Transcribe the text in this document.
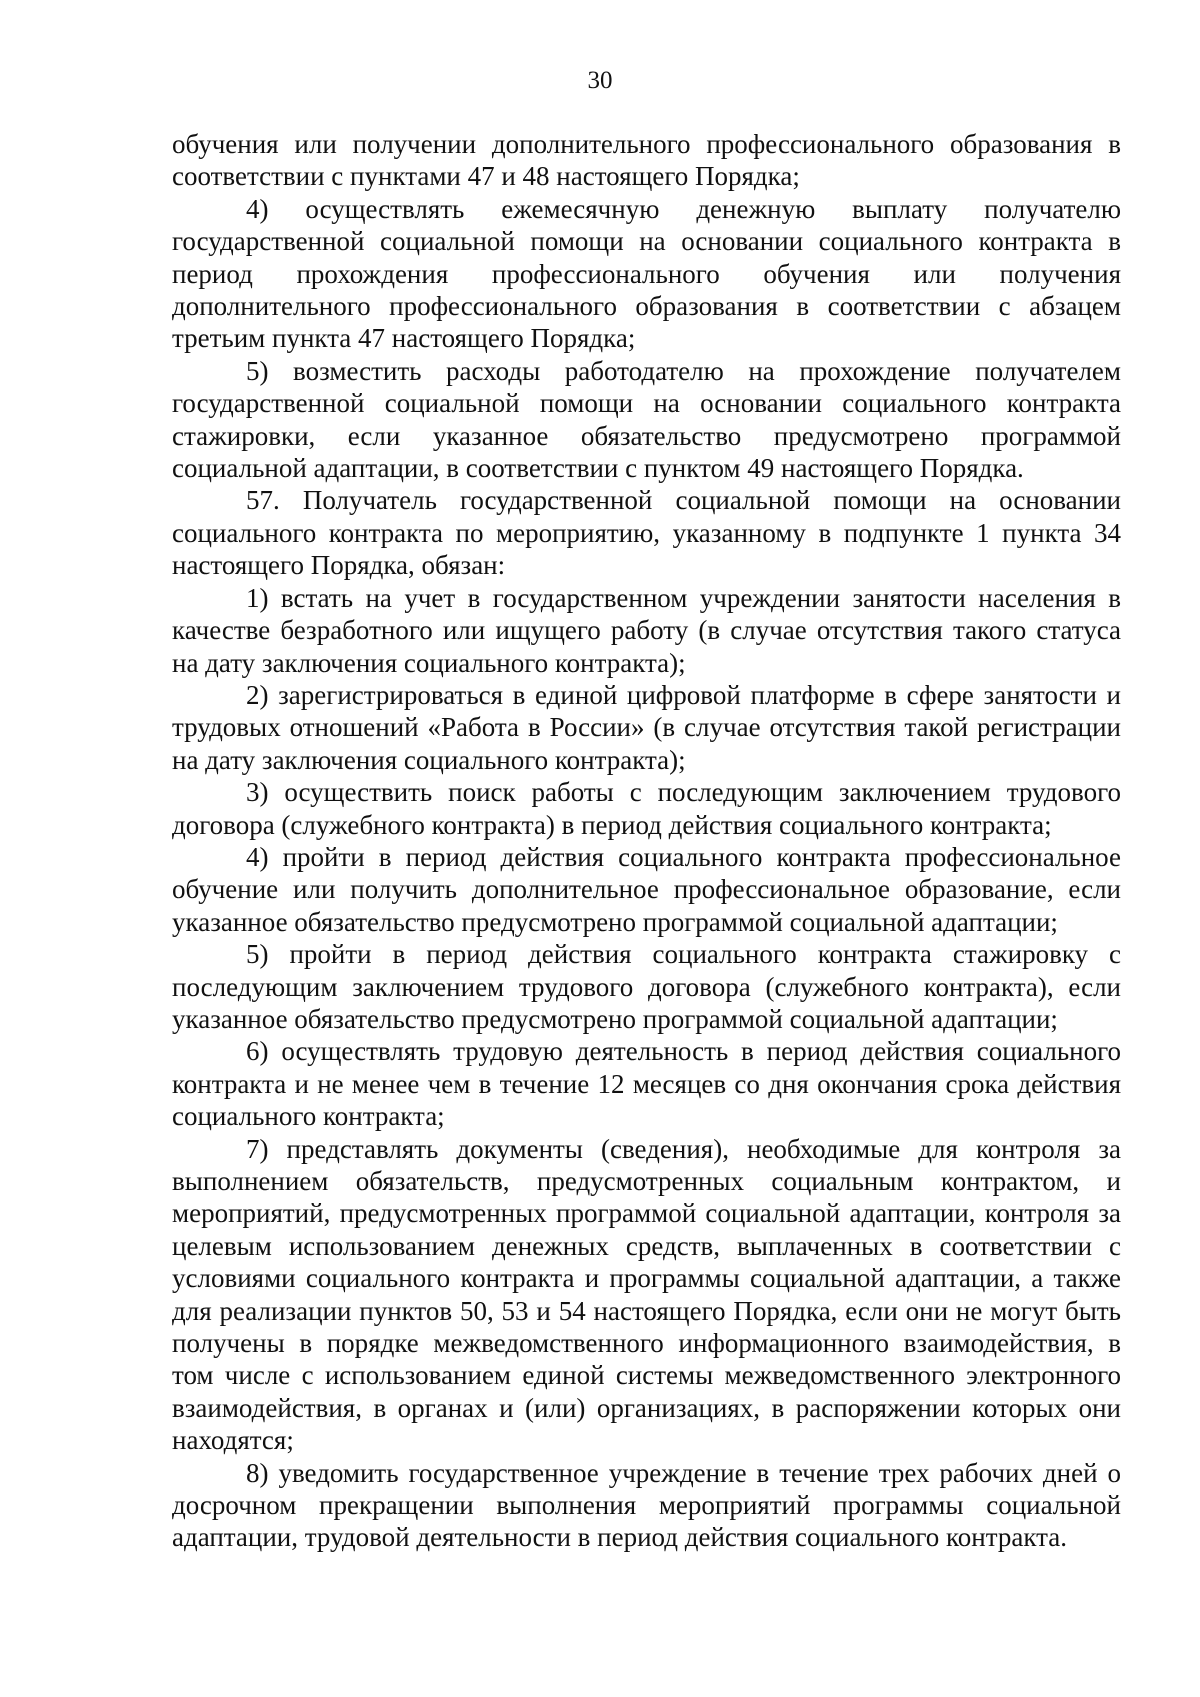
30

обучения или получении дополнительного профессионального образования в соответствии с пунктами 47 и 48 настоящего Порядка;

4) осуществлять ежемесячную денежную выплату получателю государственной социальной помощи на основании социального контракта в период прохождения профессионального обучения или получения дополнительного профессионального образования в соответствии с абзацем третьим пункта 47 настоящего Порядка;

5) возместить расходы работодателю на прохождение получателем государственной социальной помощи на основании социального контракта стажировки, если указанное обязательство предусмотрено программой социальной адаптации, в соответствии с пунктом 49 настоящего Порядка.

57. Получатель государственной социальной помощи на основании социального контракта по мероприятию, указанному в подпункте 1 пункта 34 настоящего Порядка, обязан:

1) встать на учет в государственном учреждении занятости населения в качестве безработного или ищущего работу (в случае отсутствия такого статуса на дату заключения социального контракта);

2) зарегистрироваться в единой цифровой платформе в сфере занятости и трудовых отношений «Работа в России» (в случае отсутствия такой регистрации на дату заключения социального контракта);

3) осуществить поиск работы с последующим заключением трудового договора (служебного контракта) в период действия социального контракта;

4) пройти в период действия социального контракта профессиональное обучение или получить дополнительное профессиональное образование, если указанное обязательство предусмотрено программой социальной адаптации;

5) пройти в период действия социального контракта стажировку с последующим заключением трудового договора (служебного контракта), если указанное обязательство предусмотрено программой социальной адаптации;

6) осуществлять трудовую деятельность в период действия социального контракта и не менее чем в течение 12 месяцев со дня окончания срока действия социального контракта;

7) представлять документы (сведения), необходимые для контроля за выполнением обязательств, предусмотренных социальным контрактом, и мероприятий, предусмотренных программой социальной адаптации, контроля за целевым использованием денежных средств, выплаченных в соответствии с условиями социального контракта и программы социальной адаптации, а также для реализации пунктов 50, 53 и 54 настоящего Порядка, если они не могут быть получены в порядке межведомственного информационного взаимодействия, в том числе с использованием единой системы межведомственного электронного взаимодействия, в органах и (или) организациях, в распоряжении которых они находятся;

8) уведомить государственное учреждение в течение трех рабочих дней о досрочном прекращении выполнения мероприятий программы социальной адаптации, трудовой деятельности в период действия социального контракта.
